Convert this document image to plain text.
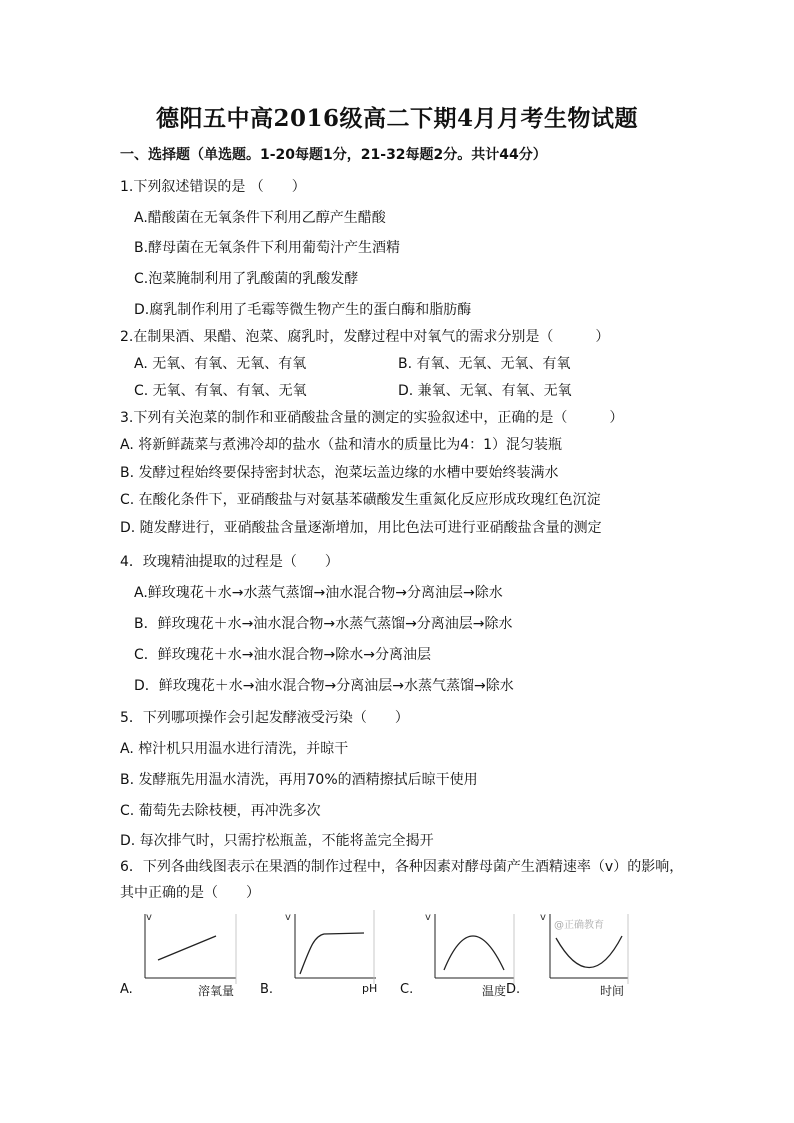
德阳五中高2016级高二下期4月月考生物试题
一、选择题（单选题。1-20每题1分，21-32每题2分。共计44分）
1.下列叙述错误的是 （　　）
A.醋酸菌在无氧条件下利用乙醇产生醋酸
B.酵母菌在无氧条件下利用葡萄汁产生酒精
C.泡菜腌制利用了乳酸菌的乳酸发酵
D.腐乳制作利用了毛霉等微生物产生的蛋白酶和脂肪酶
2.在制果酒、果醋、泡菜、腐乳时，发酵过程中对氧气的需求分别是（　　　）
A. 无氧、有氧、无氧、有氧	B. 有氧、无氧、无氧、有氧
C. 无氧、有氧、有氧、无氧	D. 兼氧、无氧、有氧、无氧
3.下列有关泡菜的制作和亚硝酸盐含量的测定的实验叙述中，正确的是（　　　）
A. 将新鲜蔬菜与煮沸冷却的盐水（盐和清水的质量比为4：1）混匀装瓶
B. 发酵过程始终要保持密封状态，泡菜坛盖边缘的水槽中要始终装满水
C. 在酸化条件下，亚硝酸盐与对氨基苯磺酸发生重氮化反应形成玫瑰红色沉淀
D. 随发酵进行，亚硝酸盐含量逐渐增加，用比色法可进行亚硝酸盐含量的测定
4．玫瑰精油提取的过程是（　　）
A.鲜玫瑰花＋水→水蒸气蒸馏→油水混合物→分离油层→除水
B．鲜玫瑰花＋水→油水混合物→水蒸气蒸馏→分离油层→除水
C．鲜玫瑰花＋水→油水混合物→除水→分离油层
D．鲜玫瑰花＋水→油水混合物→分离油层→水蒸气蒸馏→除水
5．下列哪项操作会引起发酵液受污染（　　）
A. 榨汁机只用温水进行清洗，并晾干
B. 发酵瓶先用温水清洗，再用70%的酒精擦拭后晾干使用
C. 葡萄先去除枝梗，再冲洗多次
D. 每次排气时，只需拧松瓶盖，不能将盖完全揭开
6．下列各曲线图表示在果酒的制作过程中，各种因素对酵母菌产生酒精速率（v）的影响，
其中正确的是（　　）
v
A.	溶氧量
v
B.	pH
v
C.	温度
v
@正确教育
D.	时间
